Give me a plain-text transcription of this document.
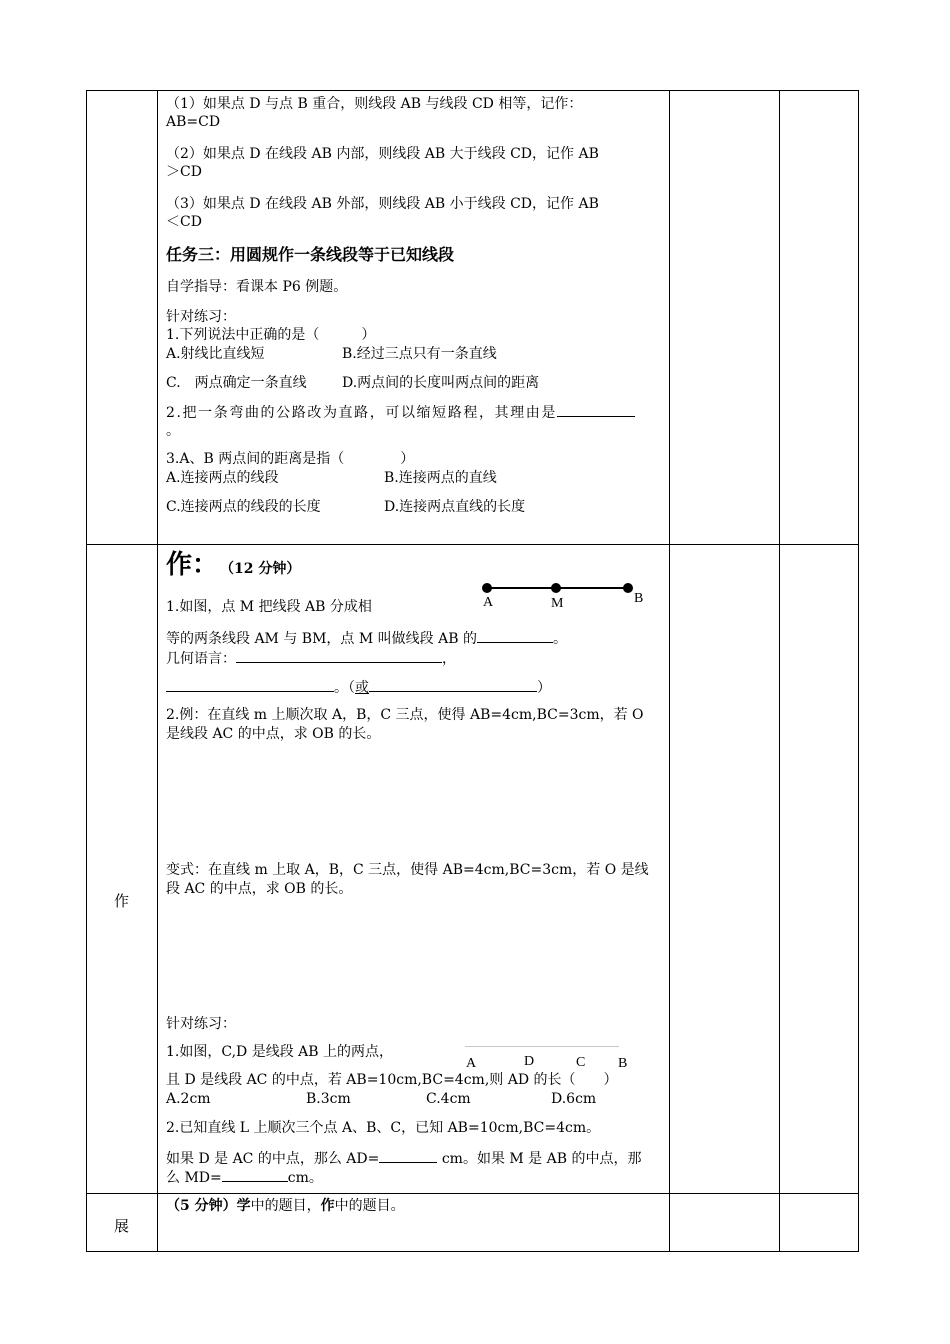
（1）如果点 D 与点 B 重合，则线段 AB 与线段 CD 相等，记作：
AB=CD
（2）如果点 D 在线段 AB 内部，则线段 AB 大于线段 CD，记作 AB
＞CD
（3）如果点 D 在线段 AB 外部，则线段 AB 小于线段 CD，记作 AB
＜CD
任务三：用圆规作一条线段等于已知线段
自学指导：看课本 P6 例题。
针对练习：
1.下列说法中正确的是（　　　）
A.射线比直线短	B.经过三点只有一条直线
C.　两点确定一条直线	D.两点间的长度叫两点间的距离
2.把一条弯曲的公路改为直路，可以缩短路程，其理由是
。
3.A、B 两点间的距离是指（　　　　）
A.连接两点的线段	B.连接两点的直线
C.连接两点的线段的长度	D.连接两点直线的长度
作
作： （12 分钟）
A	M	B
1.如图，点 M 把线段 AB 分成相
等的两条线段 AM 与 BM，点 M 叫做线段 AB 的	。
几何语言：	，
。（或	）
2.例：在直线 m 上顺次取 A，B，C 三点，使得 AB=4cm,BC=3cm，若 O
是线段 AC 的中点，求 OB 的长。
变式：在直线 m 上取 A，B，C 三点，使得 AB=4cm,BC=3cm，若 O 是线
段 AC 的中点，求 OB 的长。
针对练习：
1.如图，C,D 是线段 AB 上的两点，
A	D	C B
且 D 是线段 AC 的中点，若 AB=10cm,BC=4cm,则 AD 的长（　　）
A.2cm	B.3cm	C.4cm	D.6cm
2.已知直线 L 上顺次三个点 A、B、C，已知 AB=10cm,BC=4cm。
如果 D 是 AC 的中点，那么 AD=	cm。如果 M 是 AB 的中点，那
么 MD=	cm。
展
（5 分钟）学中的题目，作中的题目。
